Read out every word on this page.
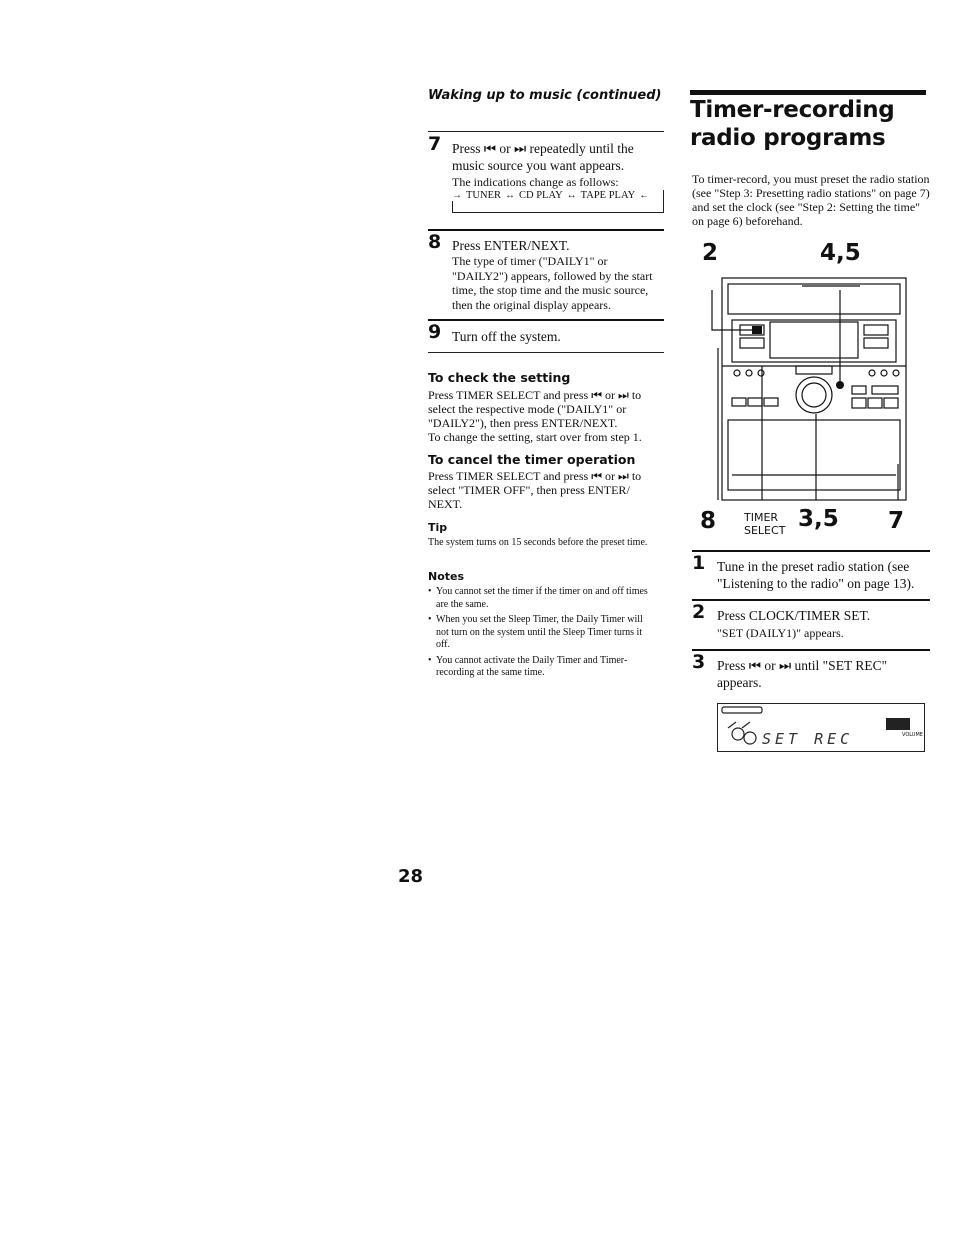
Waking up to music (continued)
7 Press ⏮ or ⏭ repeatedly until the music source you want appears.
The indications change as follows:
→ TUNER ↔ CD PLAY ↔ TAPE PLAY ←
8 Press ENTER/NEXT.
The type of timer ("DAILY1" or "DAILY2") appears, followed by the start time, the stop time and the music source, then the original display appears.
9 Turn off the system.
To check the setting
Press TIMER SELECT and press ⏮ or ⏭ to select the respective mode ("DAILY1" or "DAILY2"), then press ENTER/NEXT.
To change the setting, start over from step 1.
To cancel the timer operation
Press TIMER SELECT and press ⏮ or ⏭ to select "TIMER OFF", then press ENTER/ NEXT.
Tip
The system turns on 15 seconds before the preset time.
Notes
• You cannot set the timer if the timer on and off times are the same.
• When you set the Sleep Timer, the Daily Timer will not turn on the system until the Sleep Timer turns it off.
• You cannot activate the Daily Timer and Timer-recording at the same time.
Timer-recording radio programs
To timer-record, you must preset the radio station (see "Step 3: Presetting radio stations" on page 7) and set the clock (see "Step 2: Setting the time" on page 6) beforehand.
2	4,5
8	TIMER
SELECT 3,5 7
1 Tune in the preset radio station (see "Listening to the radio" on page 13).
2 Press CLOCK/TIMER SET.
"SET (DAILY1)" appears.
3 Press ⏮ or ⏭ until "SET REC" appears.
SET REC	VOLUME
28
